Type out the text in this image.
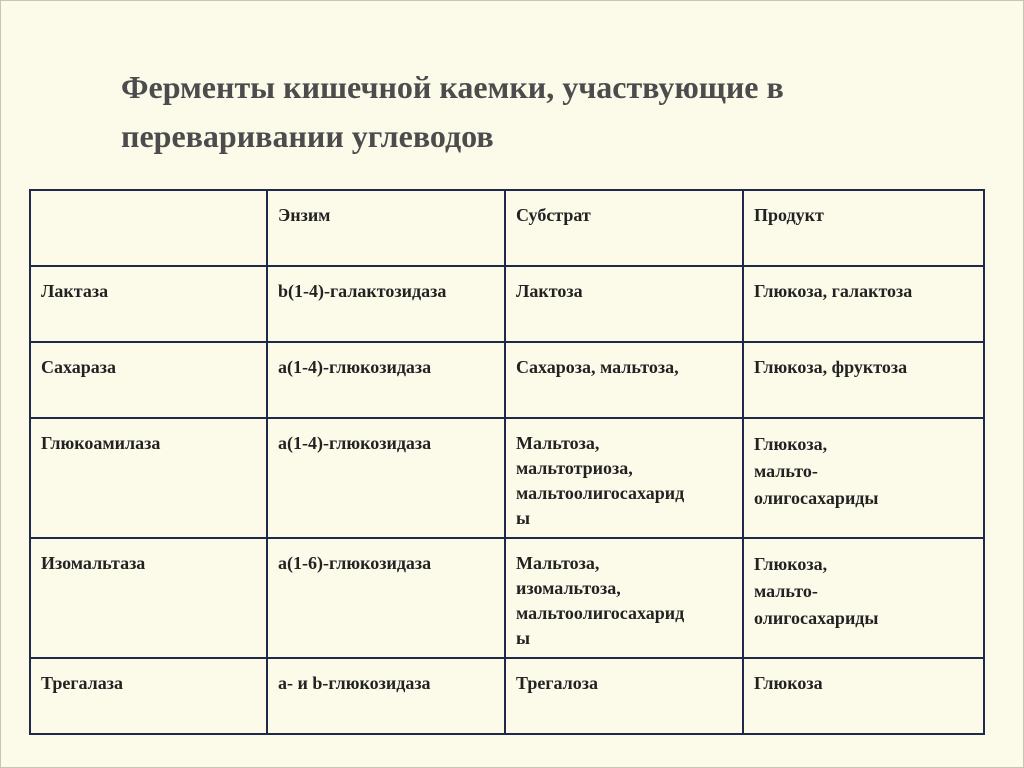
Ферменты кишечной каемки, участвующие в
переваривании углеводов
	Энзим	Субстрат	Продукт
Лактаза	b(1-4)-галактозидаза	Лактоза	Глюкоза, галактоза

Сахараза	a(1-4)-глюкозидаза	Сахароза, мальтоза,	Глюкоза, фруктоза

Глюкоамилаза	a(1-4)-глюкозидаза	Мальтоза,
мальтотриоза,
мальтоолигосахарид
ы	Глюкоза,
мальто-
олигосахариды

Изомальтаза	a(1-6)-глюкозидаза	Мальтоза,
изомальтоза,
мальтоолигосахарид
ы	Глюкоза,
мальто-
олигосахариды

Трегалаза	a- и b-глюкозидаза	Трегалоза	Глюкоза
